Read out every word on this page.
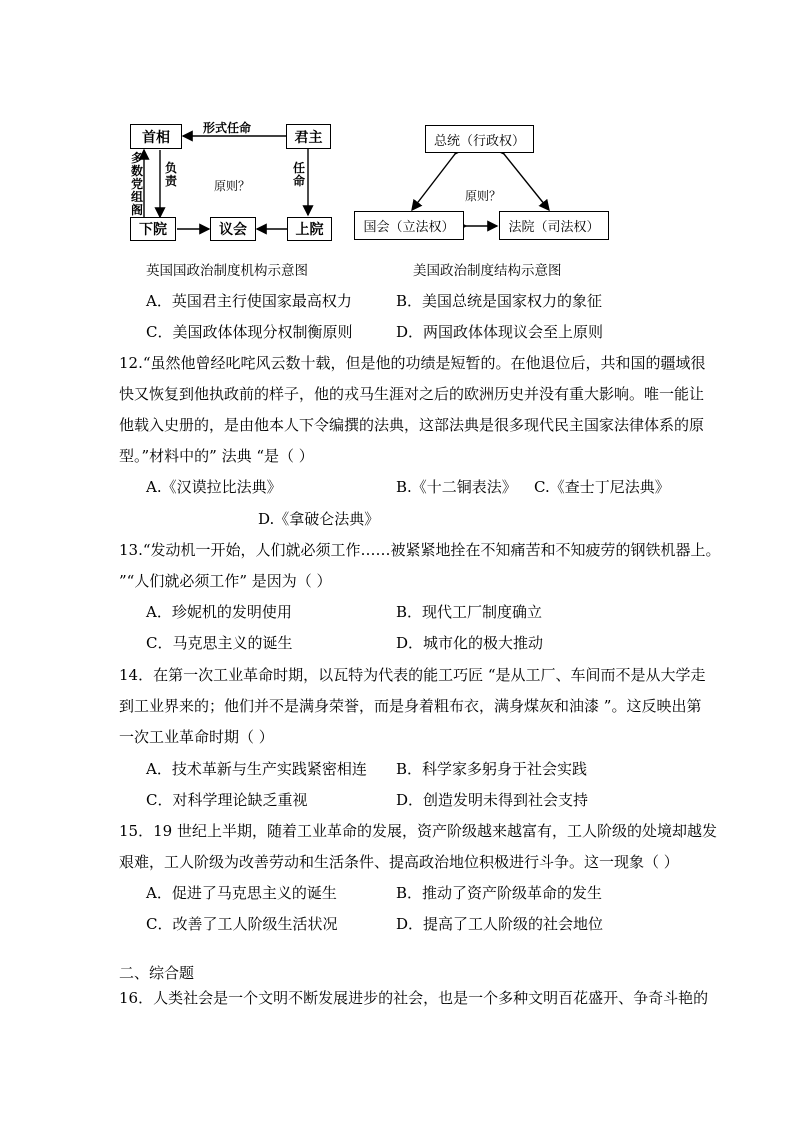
首相	君主
下院	议会	上院
形式任命
多数党组阁
负责
任命
原则？
英国国政治制度机构示意图
总统（行政权）
国会（立法权）	法院（司法权）
原则？
美国政治制度结构示意图
A．英国君主行使国家最高权力	B．美国总统是国家权力的象征
C．美国政体体现分权制衡原则	D．两国政体体现议会至上原则
12.“虽然他曾经叱咤风云数十载，但是他的功绩是短暂的。在他退位后，共和国的疆域很
快又恢复到他执政前的样子，他的戎马生涯对之后的欧洲历史并没有重大影响。唯一能让
他载入史册的，是由他本人下令编撰的法典，这部法典是很多现代民主国家法律体系的原
型。”材料中的” 法典 “是（ ）
A.《汉谟拉比法典》	B.《十二铜表法》 C.《查士丁尼法典》
D.《拿破仑法典》
13.“发动机一开始，人们就必须工作……被紧紧地拴在不知痛苦和不知疲劳的钢铁机器上。
”“人们就必须工作” 是因为（ ）
A．珍妮机的发明使用	B．现代工厂制度确立
C．马克思主义的诞生	D．城市化的极大推动
14．在第一次工业革命时期，以瓦特为代表的能工巧匠 “是从工厂、车间而不是从大学走
到工业界来的；他们并不是满身荣誉，而是身着粗布衣，满身煤灰和油漆 ”。这反映出第
一次工业革命时期（ ）
A．技术革新与生产实践紧密相连 B．科学家多躬身于社会实践
C．对科学理论缺乏重视	D．创造发明未得到社会支持
15．19 世纪上半期，随着工业革命的发展，资产阶级越来越富有，工人阶级的处境却越发
艰难，工人阶级为改善劳动和生活条件、提高政治地位积极进行斗争。这一现象（ ）
A．促进了马克思主义的诞生	B．推动了资产阶级革命的发生
C．改善了工人阶级生活状况	D．提高了工人阶级的社会地位
二、综合题
16．人类社会是一个文明不断发展进步的社会，也是一个多种文明百花盛开、争奇斗艳的
